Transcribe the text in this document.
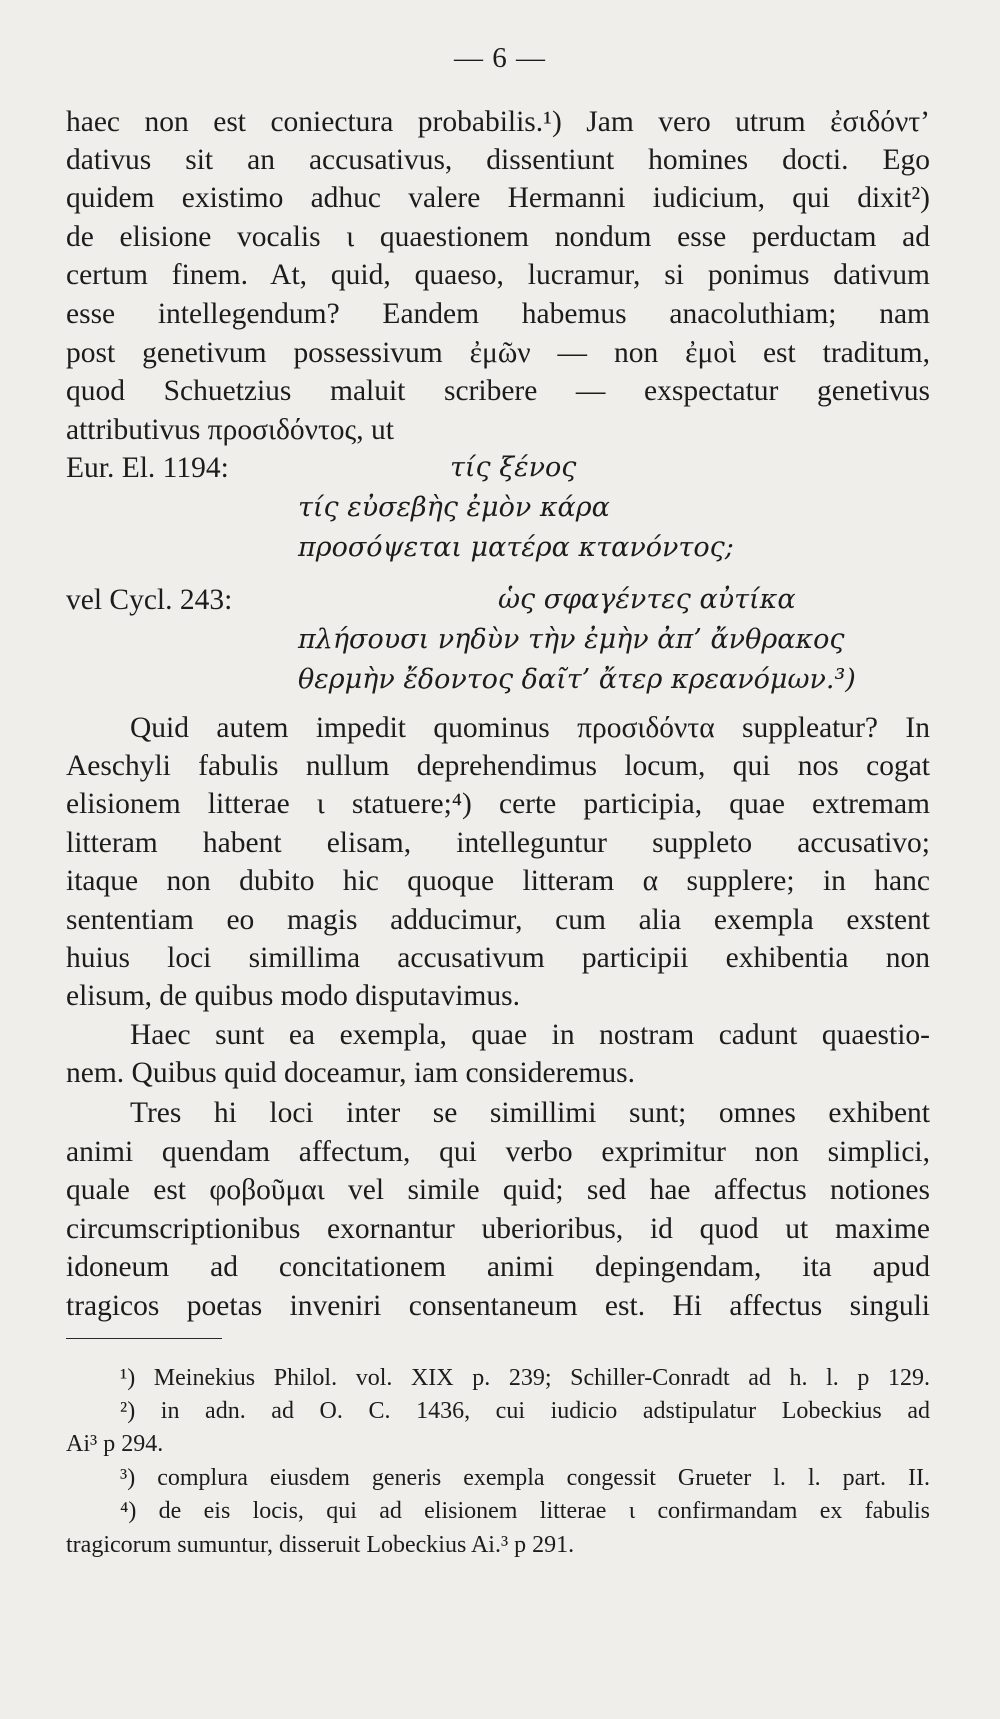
— 6 —

haec non est coniectura probabilis.¹) Jam vero utrum ἐσιδόντ’

dativus sit an accusativus, dissentiunt homines docti. Ego

quidem existimo adhuc valere Hermanni iudicium, qui dixit²)

de elisione vocalis ι quaestionem nondum esse perductam ad

certum finem. At, quid, quaeso, lucramur, si ponimus dativum

esse intellegendum? Eandem habemus anacoluthiam; nam

post genetivum possessivum ἐμῶν — non ἐμοὶ est traditum,

quod Schuetzius maluit scribere — exspectatur genetivus

attributivus προσιδόντος, ut

Eur. El. 1194:	τίς ξένος
τίς εὐσεβὴς ἐμὸν κάρα
προσόψεται ματέρα κτανόντος;
vel Cycl. 243:	ὡς σφαγέντες αὐτίκα
πλήσουσι νηδὺν τὴν ἐμὴν ἀπ’ ἄνθρακος
θερμὴν ἔδοντος δαῖτ’ ἄτερ κρεανόμων.³)

Quid autem impedit quominus προσιδόντα suppleatur? In

Aeschyli fabulis nullum deprehendimus locum, qui nos cogat

elisionem litterae ι statuere;⁴) certe participia, quae extremam

litteram habent elisam, intelleguntur suppleto accusativo;

itaque non dubito hic quoque litteram α supplere; in hanc

sententiam eo magis adducimur, cum alia exempla exstent

huius loci simillima accusativum participii exhibentia non

elisum, de quibus modo disputavimus.

Haec sunt ea exempla, quae in nostram cadunt quaestio-

nem. Quibus quid doceamur, iam consideremus.

Tres hi loci inter se simillimi sunt; omnes exhibent

animi quendam affectum, qui verbo exprimitur non simplici,

quale est φοβοῦμαι vel simile quid; sed hae affectus notiones

circumscriptionibus exornantur uberioribus, id quod ut maxime

idoneum ad concitationem animi depingendam, ita apud

tragicos poetas inveniri consentaneum est. Hi affectus singuli

¹) Meinekius Philol. vol. XIX p. 239; Schiller-Conradt ad h. l. p 129.

²) in adn. ad O. C. 1436, cui iudicio adstipulatur Lobeckius ad

Ai³ p 294.

³) complura eiusdem generis exempla congessit Grueter l. l. part. II.

⁴) de eis locis, qui ad elisionem litterae ι confirmandam ex fabulis

tragicorum sumuntur, disseruit Lobeckius Ai.³ p 291.
